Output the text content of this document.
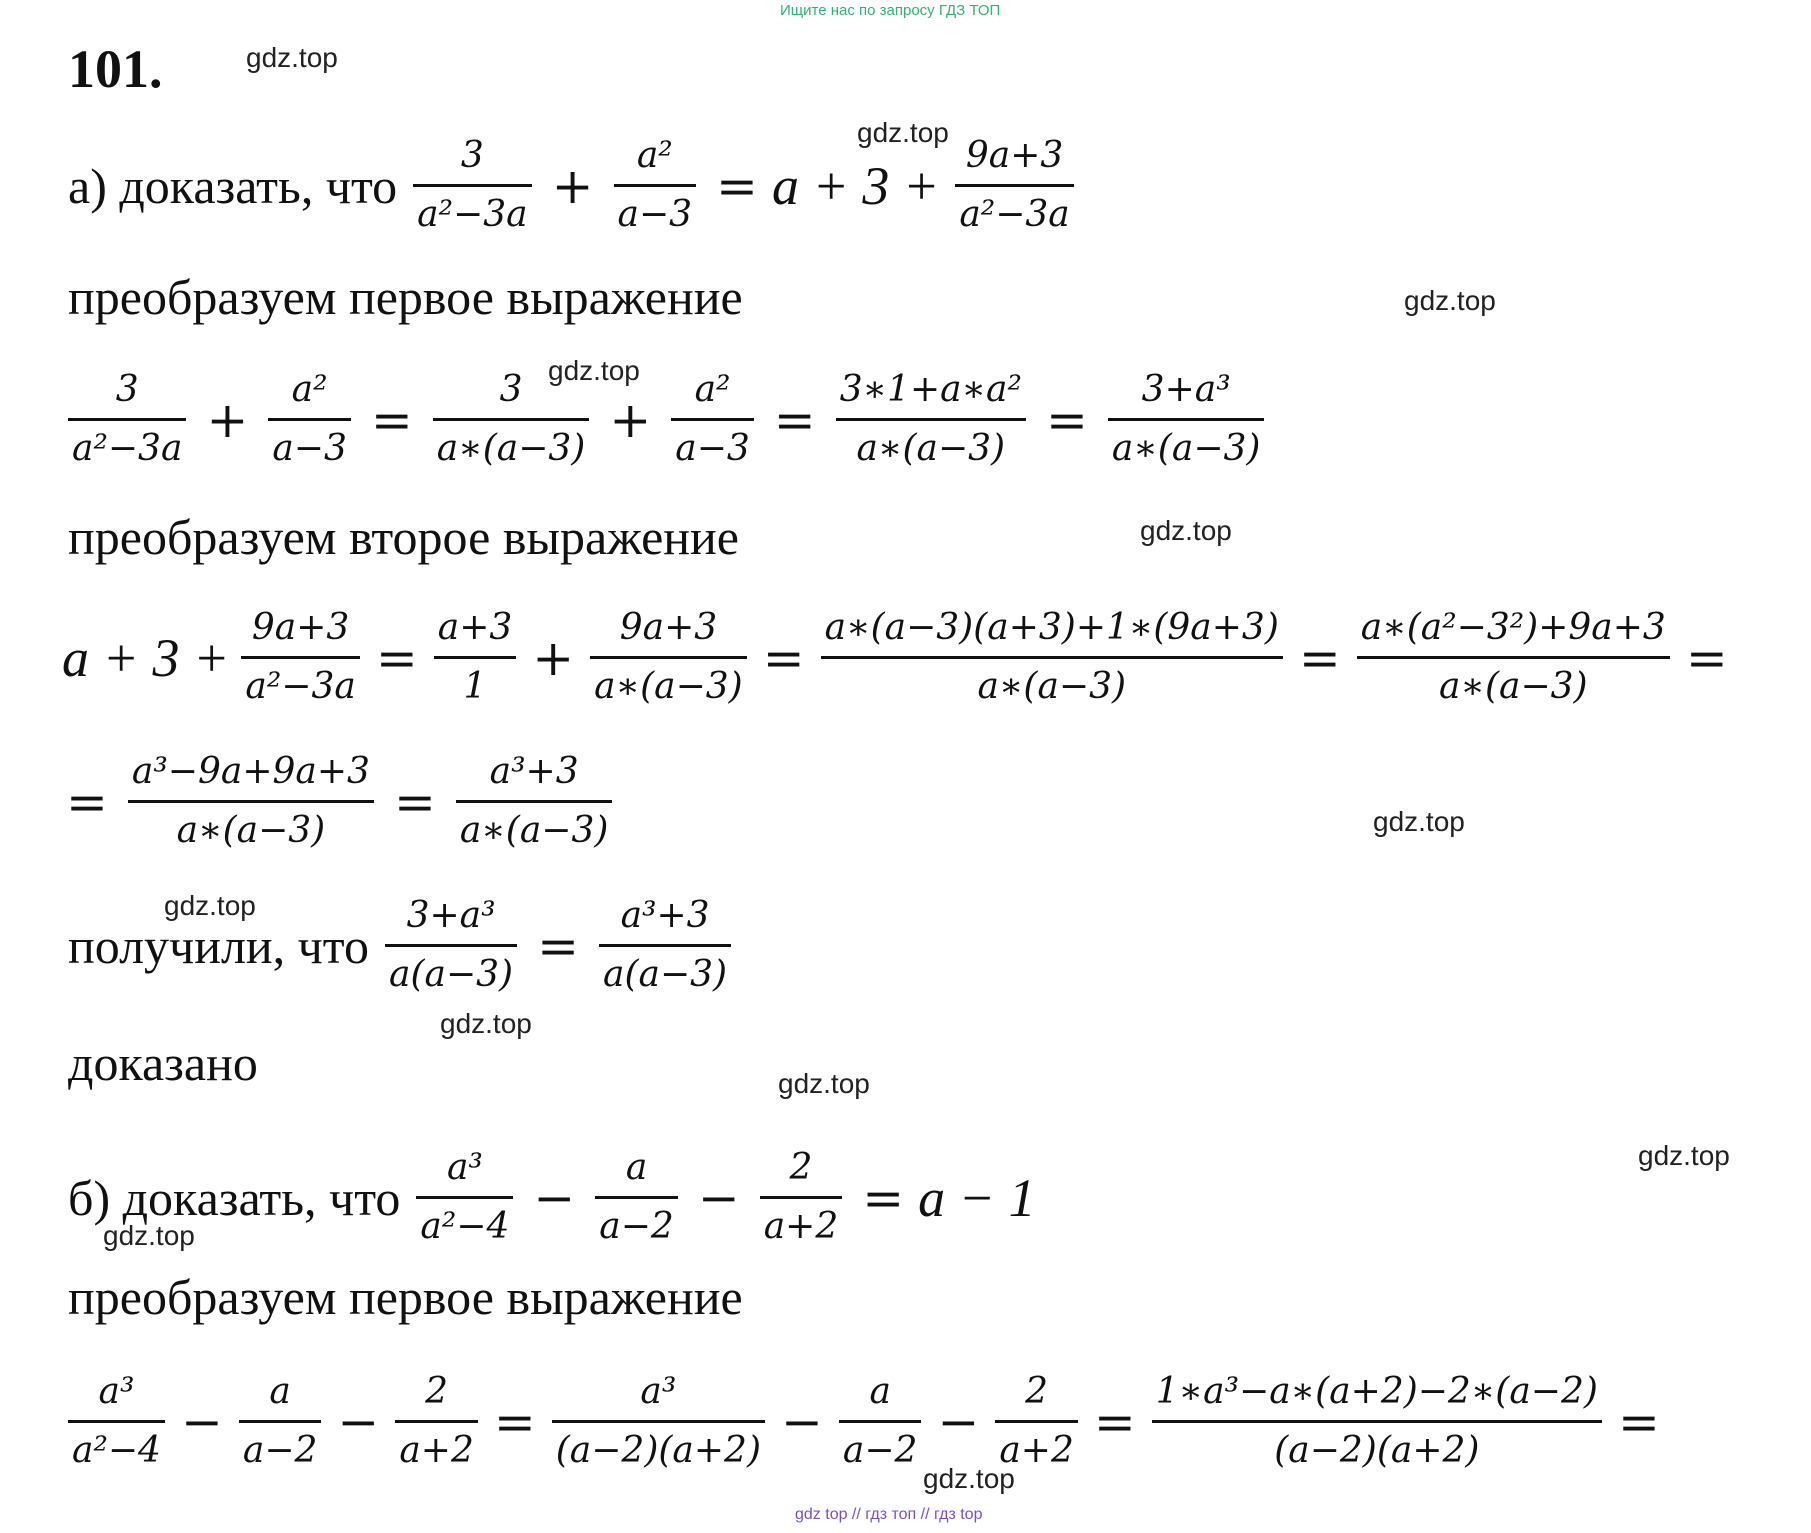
Ищите нас по запросу ГДЗ ТОП
gdz top // гдз топ // гдз top
gdz.top
gdz.top
gdz.top
gdz.top
gdz.top
gdz.top
gdz.top
gdz.top
gdz.top
gdz.top
gdz.top
gdz.top
101.
а) доказать, что $\frac{3}{\text{a²−3a}} + \frac{\text{a²}}{a-3} = a + 3 + \frac{9a+3}{\text{a²−3a}}$
преобразуем первое выражение
$\frac{3}{\text{a²−3a}} + \frac{\text{a²}}{a-3} = \frac{3}{a∗(a-3)} + \frac{\text{a²}}{a-3} = \frac{\text{3∗1+a∗a²}}{a∗(a-3)} = \frac{\text{3+a³}}{a∗(a-3)}$
преобразуем второе выражение
$a + 3 + \frac{9a+3}{\text{a²−3a}} = \frac{a+3}{1} + \frac{9a+3}{a∗(a-3)} = \frac{a∗(a-3)(a+3)+1∗(9a+3)}{a∗(a-3)} = \frac{\text{a∗(a²−3²)+9a+3}}{a∗(a-3)}$ =
= $\frac{\text{a³−9a+9a+3}}{a∗(a-3)} = \frac{\text{a³+3}}{a∗(a-3)}$
получили, что $\frac{\text{3+a³}}{a(a-3)} = \frac{\text{a³+3}}{a(a-3)}$
доказано
б) доказать, что $\frac{\text{a³}}{\text{a²−4}} - \frac{a}{a-2} - \frac{2}{a+2} = a - 1$
преобразуем первое выражение
$\frac{\text{a³}}{\text{a²−4}} - \frac{a}{a-2} - \frac{2}{a+2} = \frac{\text{a³}}{(a-2)(a+2)} - \frac{a}{a-2} - \frac{2}{a+2} = \frac{\text{1∗a³−a∗(a+2)−2∗(a−2)}}{(a-2)(a+2)}$ =
